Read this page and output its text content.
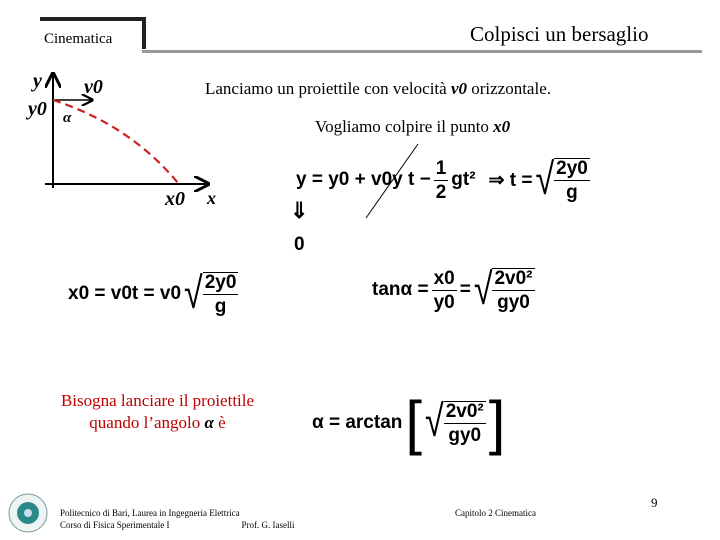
Cinematica	Colpisci un bersaglio
y v0
y0 α
x0 x
Lanciamo un proiettile con velocità v0 orizzontale.
Vogliamo colpire il punto x0
y = y0 + v0y $t - \frac{1}{2} gt^2$ ⇒ t = √ $\frac{2y0}{g}$
⇓
0
x0 = v0t = v0 √ $\frac{2y0}{g}$	$\tan\alpha = \frac{x0}{y0}$ = √ $\frac{\text{2v0²}}{gy0}$
Bisogna lanciare il proiettile
quando l’angolo α è	α = arctan [ √ $\frac{\text{2v0²}}{gy0}$ ]
Politecnico di Bari, Laurea in Ingegneria Elettrica
Corso di Fisica Sperimentale I	Prof. G. Iaselli
Capitolo 2 Cinematica
9
